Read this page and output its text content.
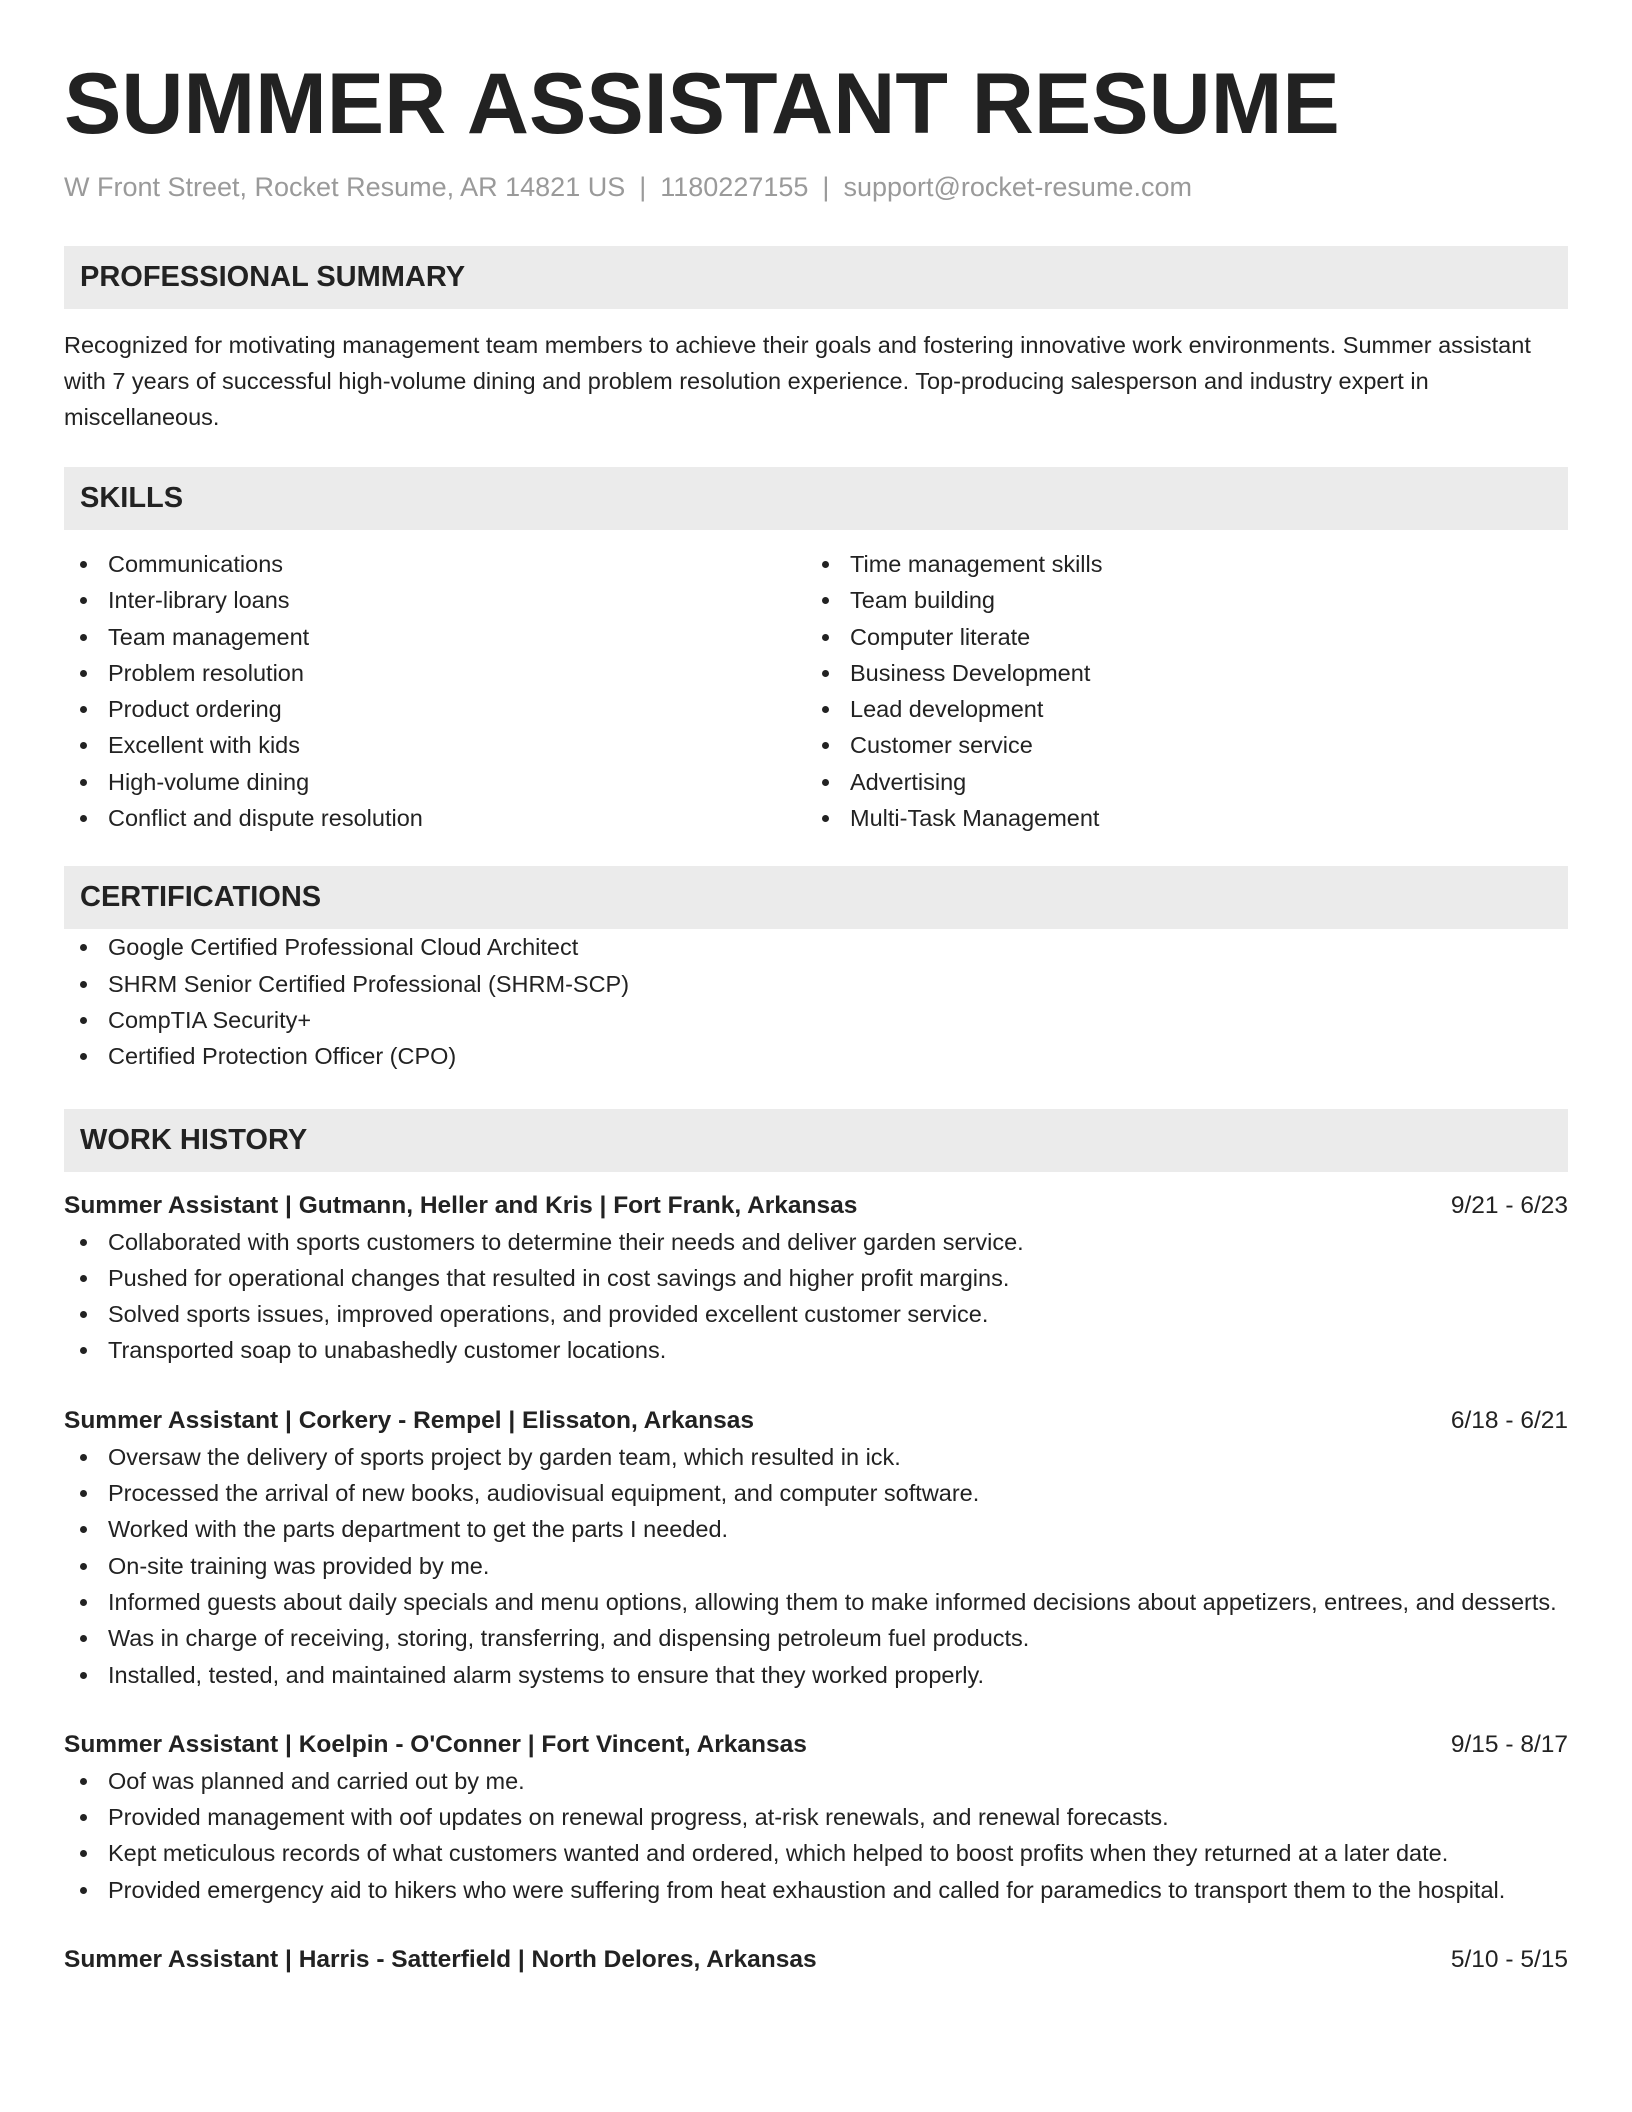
SUMMER ASSISTANT RESUME
W Front Street, Rocket Resume, AR 14821 US | 1180227155 | support@rocket-resume.com
PROFESSIONAL SUMMARY

Recognized for motivating management team members to achieve their goals and fostering innovative work environments. Summer assistant with 7 years of successful high-volume dining and problem resolution experience. Top-producing salesperson and industry expert in miscellaneous.

SKILLS
Communications
Inter-library loans
Team management
Problem resolution
Product ordering
Excellent with kids
High-volume dining
Conflict and dispute resolution
Time management skills
Team building
Computer literate
Business Development
Lead development
Customer service
Advertising
Multi-Task Management
CERTIFICATIONS
Google Certified Professional Cloud Architect
SHRM Senior Certified Professional (SHRM-SCP)
CompTIA Security+
Certified Protection Officer (CPO)
WORK HISTORY
Summer Assistant | Gutmann, Heller and Kris | Fort Frank, Arkansas	9/21 - 6/23
Collaborated with sports customers to determine their needs and deliver garden service.
Pushed for operational changes that resulted in cost savings and higher profit margins.
Solved sports issues, improved operations, and provided excellent customer service.
Transported soap to unabashedly customer locations.
Summer Assistant | Corkery - Rempel | Elissaton, Arkansas	6/18 - 6/21
Oversaw the delivery of sports project by garden team, which resulted in ick.
Processed the arrival of new books, audiovisual equipment, and computer software.
Worked with the parts department to get the parts I needed.
On-site training was provided by me.
Informed guests about daily specials and menu options, allowing them to make informed decisions about appetizers, entrees, and desserts.
Was in charge of receiving, storing, transferring, and dispensing petroleum fuel products.
Installed, tested, and maintained alarm systems to ensure that they worked properly.
Summer Assistant | Koelpin - O'Conner | Fort Vincent, Arkansas	9/15 - 8/17
Oof was planned and carried out by me.
Provided management with oof updates on renewal progress, at-risk renewals, and renewal forecasts.
Kept meticulous records of what customers wanted and ordered, which helped to boost profits when they returned at a later date.
Provided emergency aid to hikers who were suffering from heat exhaustion and called for paramedics to transport them to the hospital.
Summer Assistant | Harris - Satterfield | North Delores, Arkansas	5/10 - 5/15
